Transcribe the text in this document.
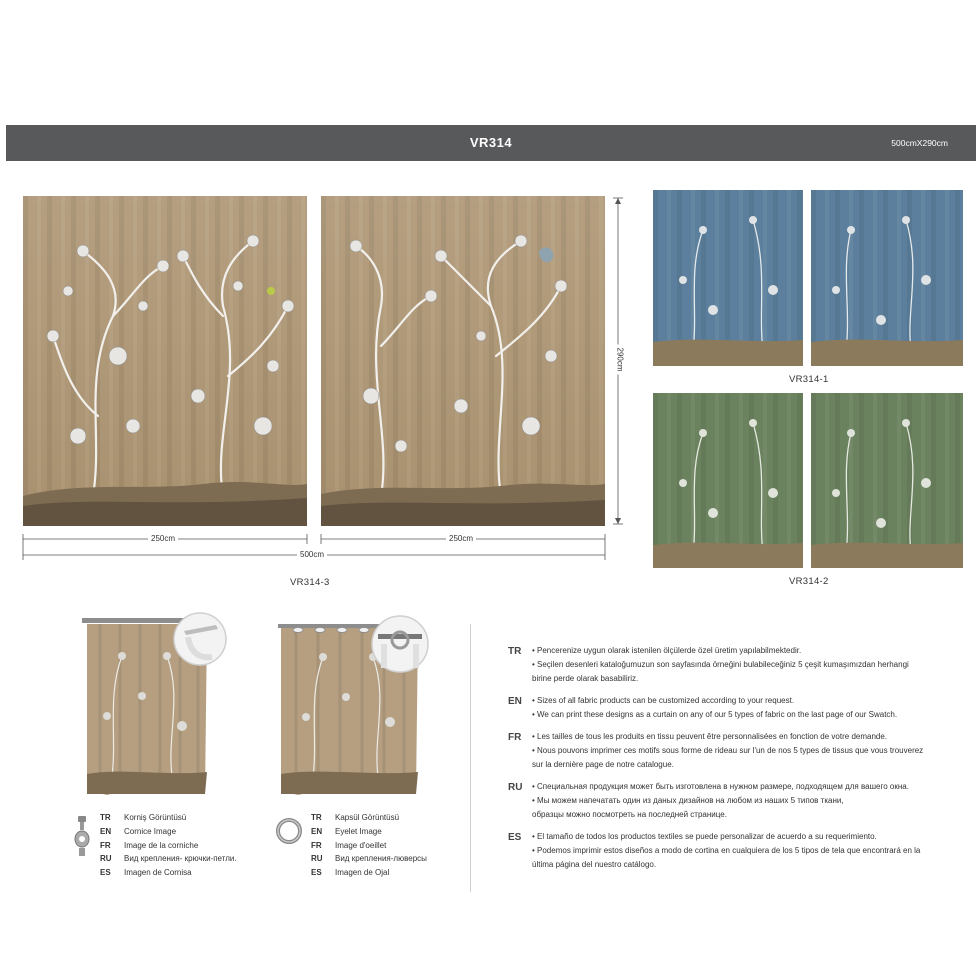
VR314	500cmX290cm
290cm
250cm	250cm
500cm
VR314-3
VR314-1
VR314-2
TR Korniş Görüntüsü
EN Cornice Image
FR Image de la corniche
RU Вид крепления- крючки-петли.
ES Imagen de Cornisa
TR Kapsül Görüntüsü
EN Eyelet Image
FR Image d'oeillet
RU Вид крепления-люверсы
ES Imagen de Ojal
TR	• Pencerenize uygun olarak istenilen ölçülerde özel üretim yapılabilmektedir.
• Seçilen desenleri kataloğumuzun son sayfasında örneğini bulabileceğiniz 5 çeşit kumaşımızdan herhangi
birine perde olarak basabiliriz.
EN	• Sizes of all fabric products can be customized according to your request.
• We can print these designs as a curtain on any of our 5 types of fabric on the last page of our Swatch.
FR	• Les tailles de tous les produits en tissu peuvent être personnalisées en fonction de votre demande.
• Nous pouvons imprimer ces motifs sous forme de rideau sur l'un de nos 5 types de tissus que vous trouverez
sur la dernière page de notre catalogue.
RU	• Специальная продукция может быть изготовлена в нужном размере, подходящем для вашего окна.
• Мы можем напечатать один из даных дизайнов на любом из наших 5 типов ткани,
образцы можно посмотреть на последней странице.
ES	• El tamaño de todos los productos textiles se puede personalizar de acuerdo a su requerimiento.
• Podemos imprimir estos diseños a modo de cortina en cualquiera de los 5 tipos de tela que encontrará en la
última página del nuestro catálogo.
